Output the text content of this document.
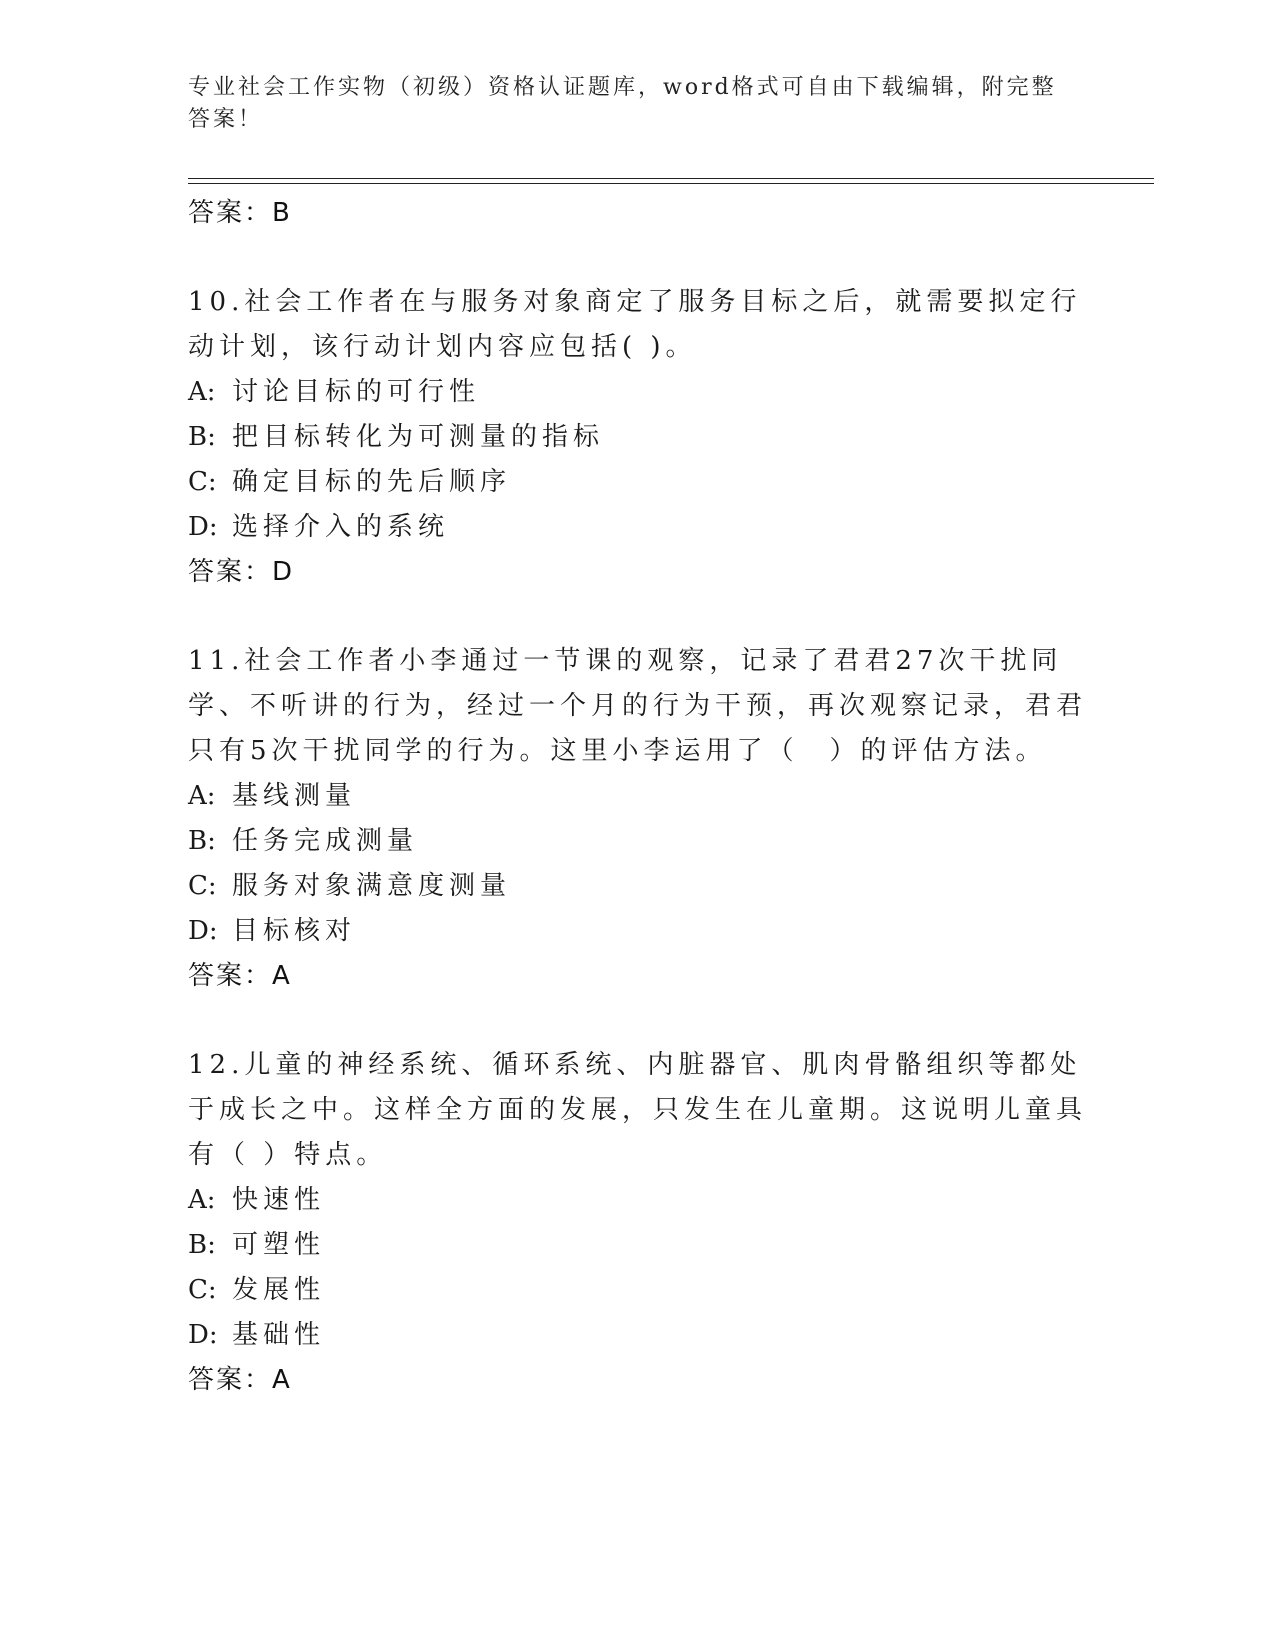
专业社会工作实物（初级）资格认证题库，word格式可自由下载编辑，附完整答案！
答案：B
10.社会工作者在与服务对象商定了服务目标之后，就需要拟定行动计划，该行动计划内容应包括( )。
A: 讨论目标的可行性
B: 把目标转化为可测量的指标
C: 确定目标的先后顺序
D: 选择介入的系统
答案：D
11.社会工作者小李通过一节课的观察，记录了君君27次干扰同学、不听讲的行为，经过一个月的行为干预，再次观察记录，君君只有5次干扰同学的行为。这里小李运用了（　）的评估方法。
A: 基线测量
B: 任务完成测量
C: 服务对象满意度测量
D: 目标核对
答案：A
12.儿童的神经系统、循环系统、内脏器官、肌肉骨骼组织等都处于成长之中。这样全方面的发展，只发生在儿童期。这说明儿童具有（ ）特点。
A: 快速性
B: 可塑性
C: 发展性
D: 基础性
答案：A
